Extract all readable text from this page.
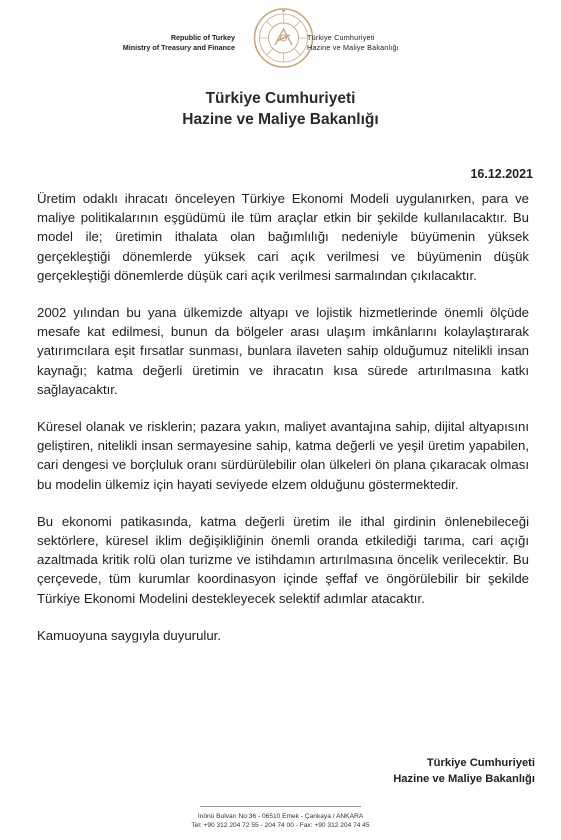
Republic of Turkey
Ministry of Treasury and Finance
Türkiye Cumhuriyeti
Hazine ve Maliye Bakanlığı
Türkiye Cumhuriyeti
Hazine ve Maliye Bakanlığı
16.12.2021

Üretim odaklı ihracatı önceleyen Türkiye Ekonomi Modeli uygulanırken, para ve maliye politikalarının eşgüdümü ile tüm araçlar etkin bir şekilde kullanılacaktır. Bu model ile; üretimin ithalata olan bağımlılığı nedeniyle büyümenin yüksek gerçekleştiği dönemlerde yüksek cari açık verilmesi ve büyümenin düşük gerçekleştiği dönemlerde düşük cari açık verilmesi sarmalından çıkılacaktır.

2002 yılından bu yana ülkemizde altyapı ve lojistik hizmetlerinde önemli ölçüde mesafe kat edilmesi, bunun da bölgeler arası ulaşım imkânlarını kolaylaştırarak yatırımcılara eşit fırsatlar sunması, bunlara ilaveten sahip olduğumuz nitelikli insan kaynağı; katma değerli üretimin ve ihracatın kısa sürede artırılmasına katkı sağlayacaktır.

Küresel olanak ve risklerin; pazara yakın, maliyet avantajına sahip, dijital altyapısını geliştiren, nitelikli insan sermayesine sahip, katma değerli ve yeşil üretim yapabilen, cari dengesi ve borçluluk oranı sürdürülebilir olan ülkeleri ön plana çıkaracak olması bu modelin ülkemiz için hayati seviyede elzem olduğunu göstermektedir.

Bu ekonomi patikasında, katma değerli üretim ile ithal girdinin önlenebileceği sektörlere, küresel iklim değişikliğinin önemli oranda etkilediği tarıma, cari açığı azaltmada kritik rolü olan turizme ve istihdamın artırılmasına öncelik verilecektir. Bu çerçevede, tüm kurumlar koordinasyon içinde şeffaf ve öngörülebilir bir şekilde Türkiye Ekonomi Modelini destekleyecek selektif adımlar atacaktır.

Kamuoyuna saygıyla duyurulur.

Türkiye Cumhuriyeti
Hazine ve Maliye Bakanlığı
İnönü Bulvarı No:36 - 06510 Emek - Çankaya / ANKARA
Tel: +90 312 204 72 55 - 204 74 00 - Fax: +90 312 204 74 45
